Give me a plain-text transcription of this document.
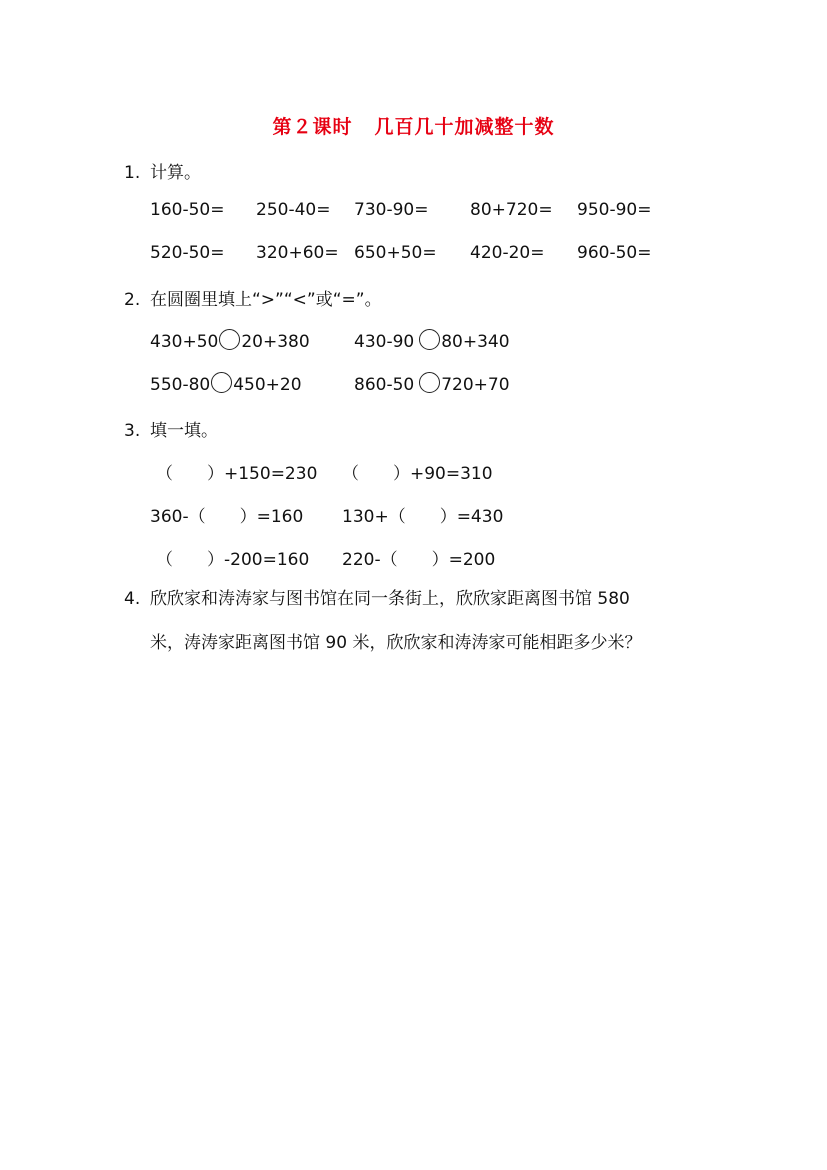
第２课时 几百几十加减整十数
1. 计算。
160-50= 250-40= 730-90= 80+720= 950-90=
520-50= 320+60= 650+50= 420-20= 960-50=
2. 在圆圈里填上“>”“<”或“=”。
430+50 20+380	430-90 80+340
550-80 450+20	860-50 720+70
3. 填一填。
（　　）+150=230 （　　）+90=310
360-（　　）=160 130+（　　）=430
（　　）-200=160 220-（　　）=200
4. 欣欣家和涛涛家与图书馆在同一条街上，欣欣家距离图书馆 580
米，涛涛家距离图书馆 90 米，欣欣家和涛涛家可能相距多少米？
